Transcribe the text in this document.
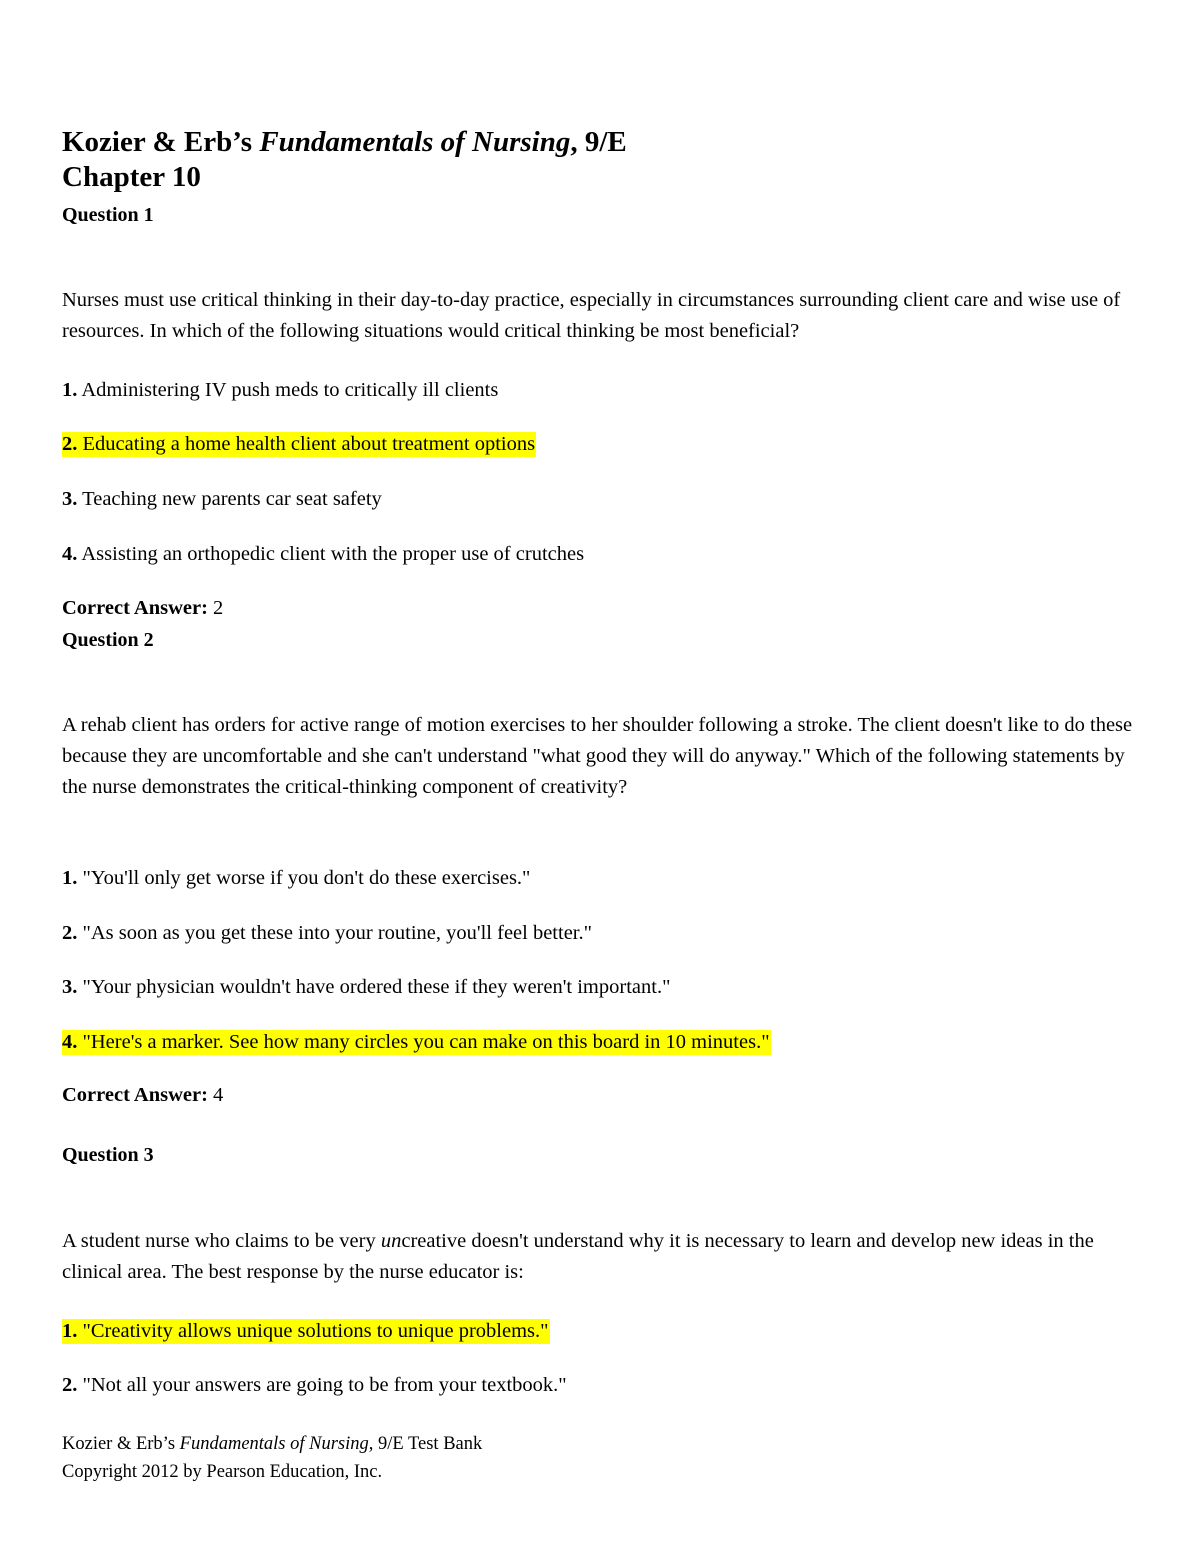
Kozier & Erb’s Fundamentals of Nursing, 9/E
Chapter 10
Question 1
Nurses must use critical thinking in their day-to-day practice, especially in circumstances surrounding client care and wise use of resources. In which of the following situations would critical thinking be most beneficial?
1. Administering IV push meds to critically ill clients
2. Educating a home health client about treatment options
3. Teaching new parents car seat safety
4. Assisting an orthopedic client with the proper use of crutches
Correct Answer: 2
Question 2
A rehab client has orders for active range of motion exercises to her shoulder following a stroke. The client doesn't like to do these because they are uncomfortable and she can't understand "what good they will do anyway." Which of the following statements by the nurse demonstrates the critical-thinking component of creativity?
1. "You'll only get worse if you don't do these exercises."
2. "As soon as you get these into your routine, you'll feel better."
3. "Your physician wouldn't have ordered these if they weren't important."
4. "Here's a marker. See how many circles you can make on this board in 10 minutes."
Correct Answer: 4
Question 3
A student nurse who claims to be very uncreative doesn't understand why it is necessary to learn and develop new ideas in the clinical area. The best response by the nurse educator is:
1. "Creativity allows unique solutions to unique problems."
2. "Not all your answers are going to be from your textbook."
Kozier & Erb’s Fundamentals of Nursing, 9/E Test Bank
Copyright 2012 by Pearson Education, Inc.
